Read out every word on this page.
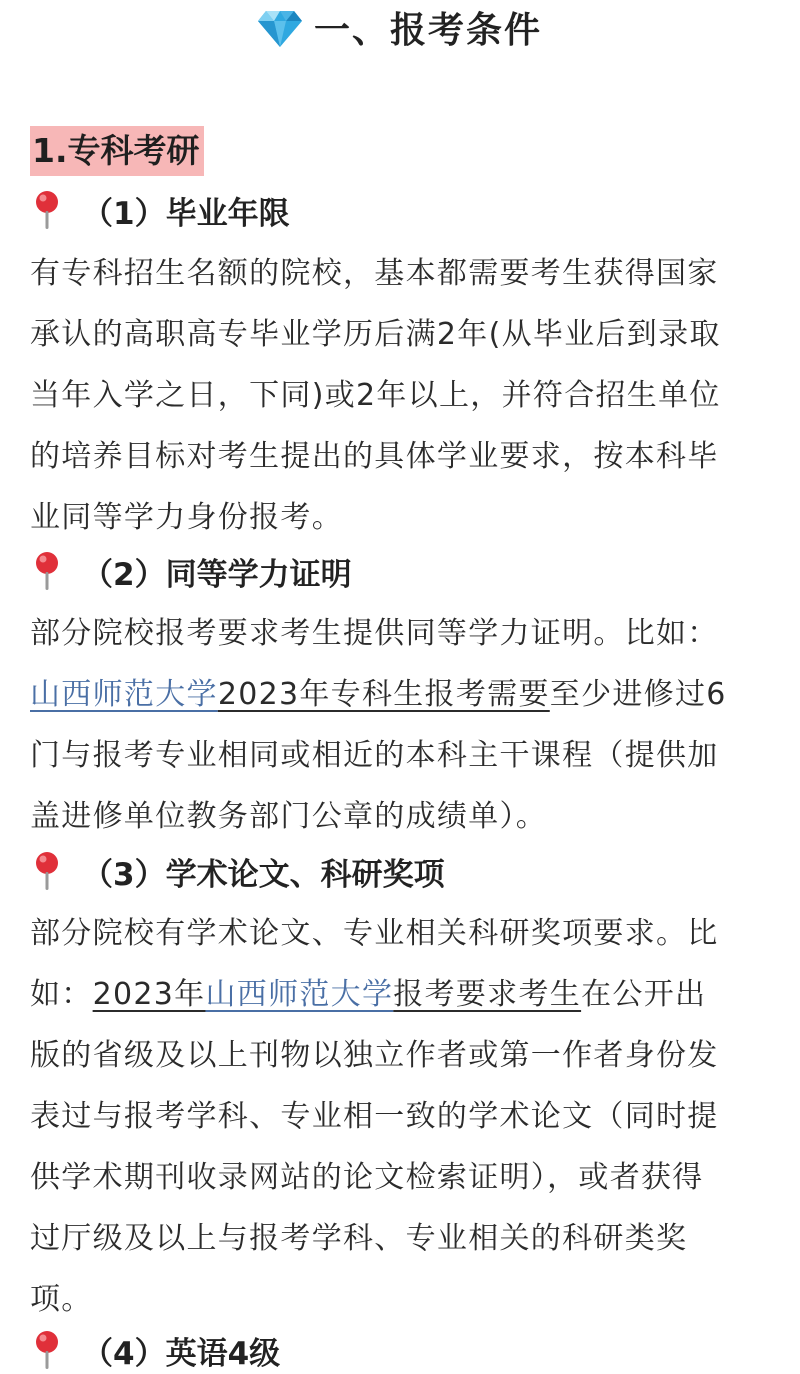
一、报考条件
1.专科考研
（1）毕业年限
有专科招生名额的院校，基本都需要考生获得国家
承认的高职高专毕业学历后满2年(从毕业后到录取
当年入学之日，下同)或2年以上，并符合招生单位
的培养目标对考生提出的具体学业要求，按本科毕
业同等学力身份报考。
（2）同等学力证明
部分院校报考要求考生提供同等学力证明。比如：
山西师范大学2023年专科生报考需要至少进修过6
门与报考专业相同或相近的本科主干课程（提供加
盖进修单位教务部门公章的成绩单）。
（3）学术论文、科研奖项
部分院校有学术论文、专业相关科研奖项要求。比
如：2023年山西师范大学报考要求考生在公开出
版的省级及以上刊物以独立作者或第一作者身份发
表过与报考学科、专业相一致的学术论文（同时提
供学术期刊收录网站的论文检索证明），或者获得
过厅级及以上与报考学科、专业相关的科研类奖
项。
（4）英语4级
